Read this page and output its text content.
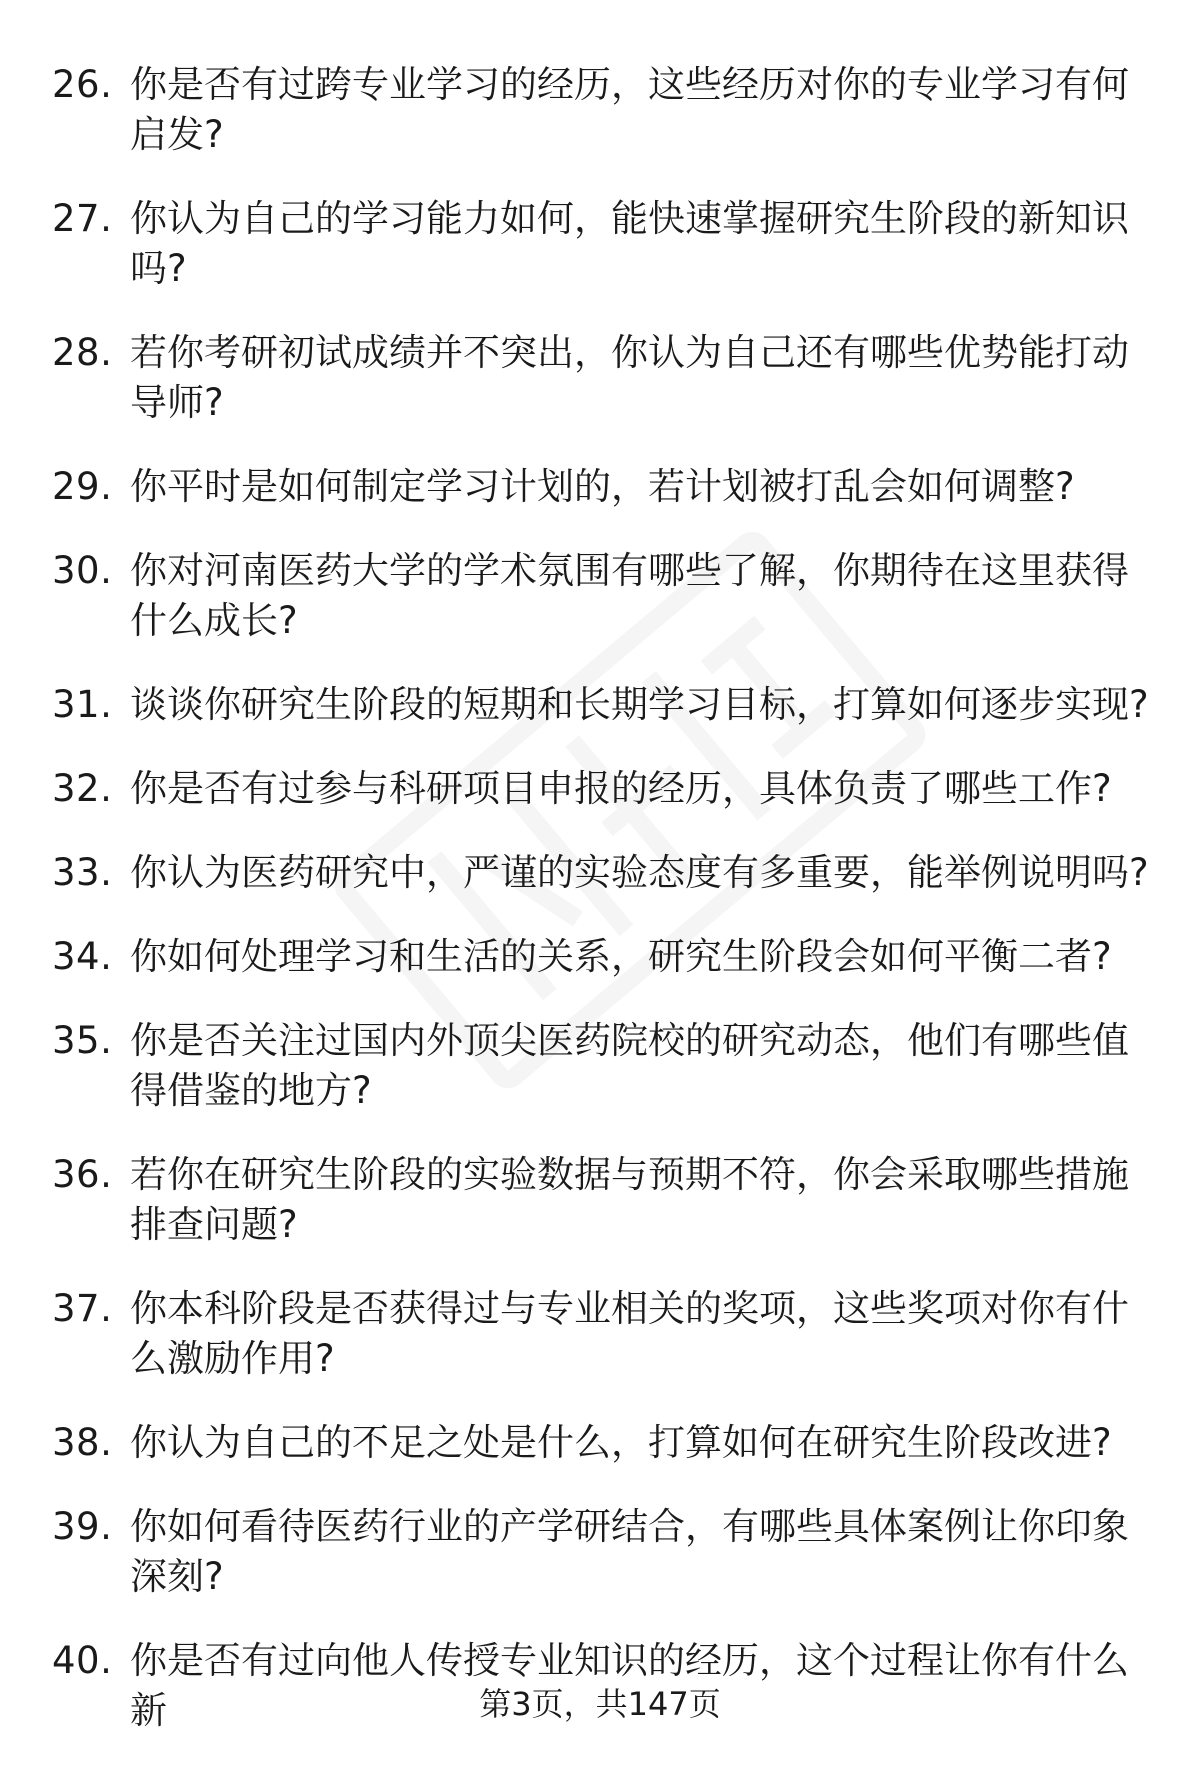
26. 你是否有过跨专业学习的经历，这些经历对你的专业学习有何启发?
27. 你认为自己的学习能力如何，能快速掌握研究生阶段的新知识吗?
28. 若你考研初试成绩并不突出，你认为自己还有哪些优势能打动导师?
29. 你平时是如何制定学习计划的，若计划被打乱会如何调整?
30. 你对河南医药大学的学术氛围有哪些了解，你期待在这里获得什么成长?
31. 谈谈你研究生阶段的短期和长期学习目标，打算如何逐步实现?
32. 你是否有过参与科研项目申报的经历，具体负责了哪些工作?
33. 你认为医药研究中，严谨的实验态度有多重要，能举例说明吗?
34. 你如何处理学习和生活的关系，研究生阶段会如何平衡二者?
35. 你是否关注过国内外顶尖医药院校的研究动态，他们有哪些值得借鉴的地方?
36. 若你在研究生阶段的实验数据与预期不符，你会采取哪些措施排查问题?
37. 你本科阶段是否获得过与专业相关的奖项，这些奖项对你有什么激励作用?
38. 你认为自己的不足之处是什么，打算如何在研究生阶段改进?
39. 你如何看待医药行业的产学研结合，有哪些具体案例让你印象深刻?
40. 你是否有过向他人传授专业知识的经历，这个过程让你有什么新	第3页，共147页
